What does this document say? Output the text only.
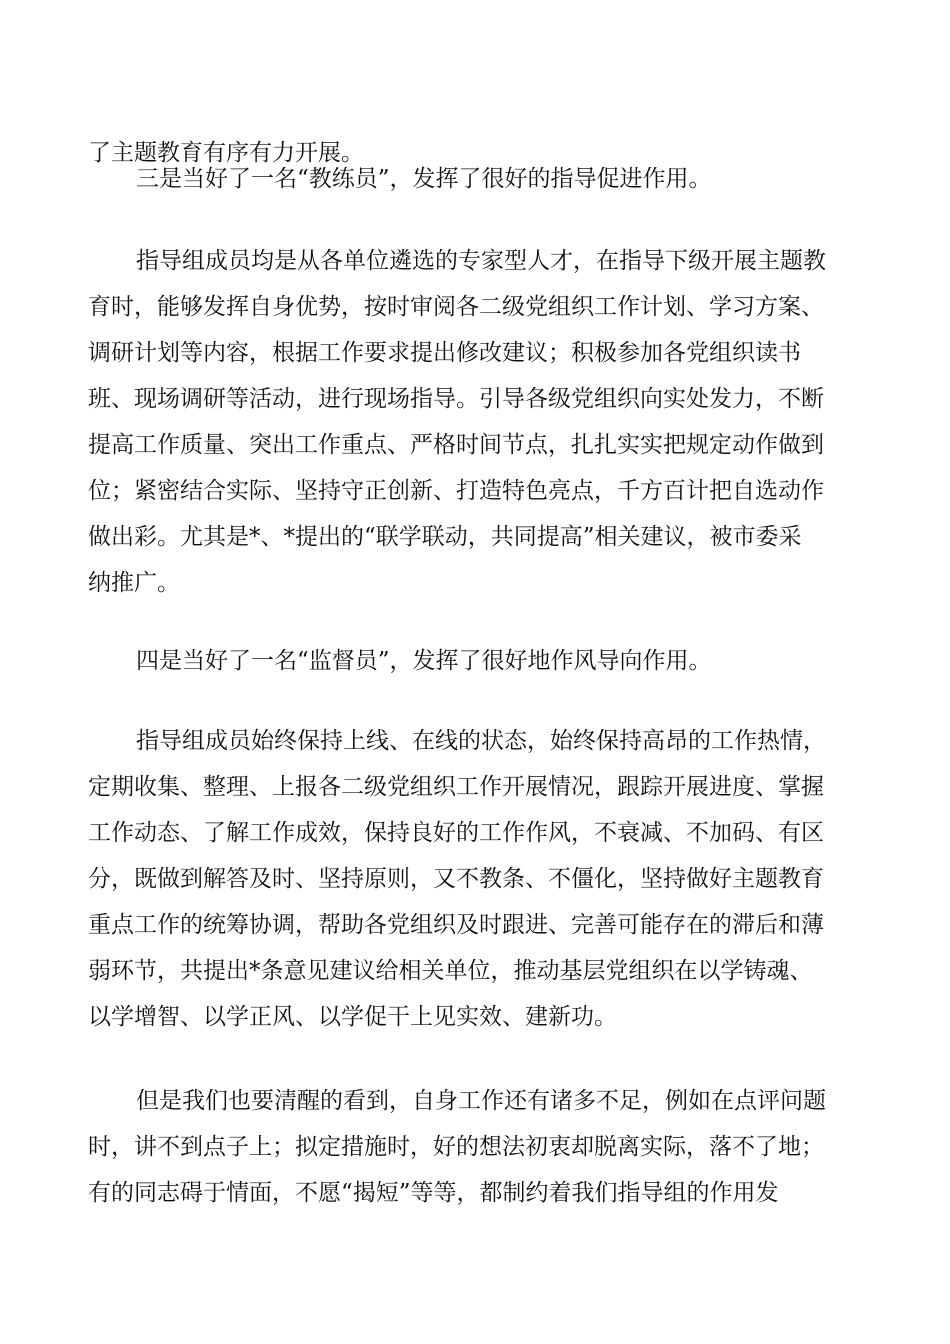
了主题教育有序有力开展。
三是当好了一名“教练员”，发挥了很好的指导促进作用。
指导组成员均是从各单位遴选的专家型人才，在指导下级开展主题教
育时，能够发挥自身优势，按时审阅各二级党组织工作计划、学习方案、
调研计划等内容，根据工作要求提出修改建议；积极参加各党组织读书
班、现场调研等活动，进行现场指导。引导各级党组织向实处发力，不断
提高工作质量、突出工作重点、严格时间节点，扎扎实实把规定动作做到
位；紧密结合实际、坚持守正创新、打造特色亮点，千方百计把自选动作
做出彩。尤其是*、*提出的“联学联动，共同提高”相关建议，被市委采
纳推广。
四是当好了一名“监督员”，发挥了很好地作风导向作用。
指导组成员始终保持上线、在线的状态，始终保持高昂的工作热情，
定期收集、整理、上报各二级党组织工作开展情况，跟踪开展进度、掌握
工作动态、了解工作成效，保持良好的工作作风，不衰减、不加码、有区
分，既做到解答及时、坚持原则，又不教条、不僵化，坚持做好主题教育
重点工作的统筹协调，帮助各党组织及时跟进、完善可能存在的滞后和薄
弱环节，共提出*条意见建议给相关单位，推动基层党组织在以学铸魂、
以学增智、以学正风、以学促干上见实效、建新功。
但是我们也要清醒的看到，自身工作还有诸多不足，例如在点评问题
时，讲不到点子上；拟定措施时，好的想法初衷却脱离实际，落不了地；
有的同志碍于情面，不愿“揭短”等等，都制约着我们指导组的作用发
